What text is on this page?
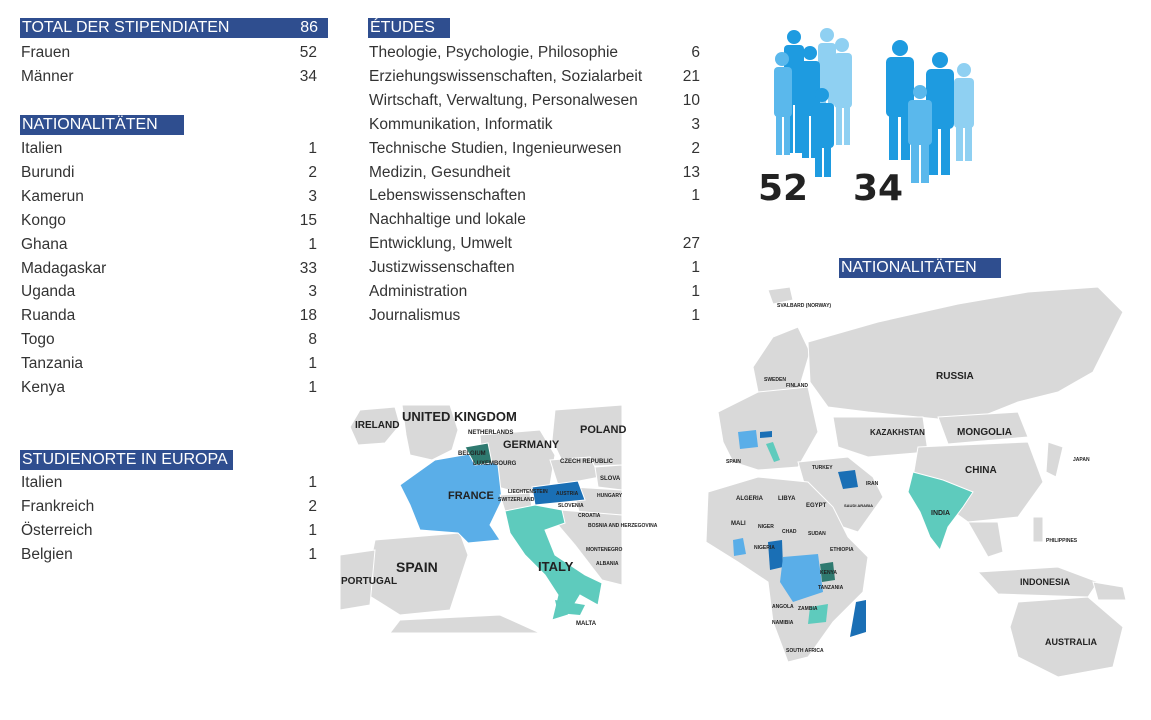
TOTAL DER STIPENDIATEN	86
Frauen	52
Männer	34
NATIONALITÄTEN
Italien	1
Burundi	2
Kamerun	3
Kongo	15
Ghana	1
Madagaskar	33
Uganda	3
Ruanda	18
Togo	8
Tanzania	1
Kenya	1
STUDIENORTE IN EUROPA
Italien	1
Frankreich	2
Österreich	1
Belgien	1
ÉTUDES
Theologie, Psychologie, Philosophie	6
Erziehungswissenschaften, Sozialarbeit	21
Wirtschaft, Verwaltung, Personalwesen	10
Kommunikation, Informatik	3
Technische Studien, Ingenieurwesen	2
Medizin, Gesundheit	13
Lebenswissenschaften	1
Nachhaltige und lokale
Entwicklung, Umwelt	27
Justizwissenschaften	1
Administration	1
Journalismus	1
52 34
IRELAND
UNITED KINGDOM
NETHERLANDS
GERMANY
POLAND
BELGIUM
LUXEMBOURG	CZECH REPUBLIC
SLOVA
LIECHTENSTEIN
SWITZERLAND
AUSTRIA	HUNGARY
SLOVENIA
CROATIA
BOSNIA AND HERZEGOVINA
MONTENEGRO
ALBANIA
FRANCE
SPAIN
PORTUGAL
ITALY
MALTA
NATIONALITÄTEN
SVALBARD (NORWAY)
RUSSIA
SWEDEN
FINLAND
KAZAKHSTAN	MONGOLIA
CHINA
JAPAN
TURKEY
IRAN
SPAIN
ALGERIA	LIBYA
EGYPT	SAUDI ARABIA
INDIA
MALI NIGER
CHAD SUDAN
ETHIOPIA
NIGERIA
KENYA
TANZANIA
ANGOLA ZAMBIA
NAMIBIA
SOUTH AFRICA
PHILIPPINES
INDONESIA
AUSTRALIA
